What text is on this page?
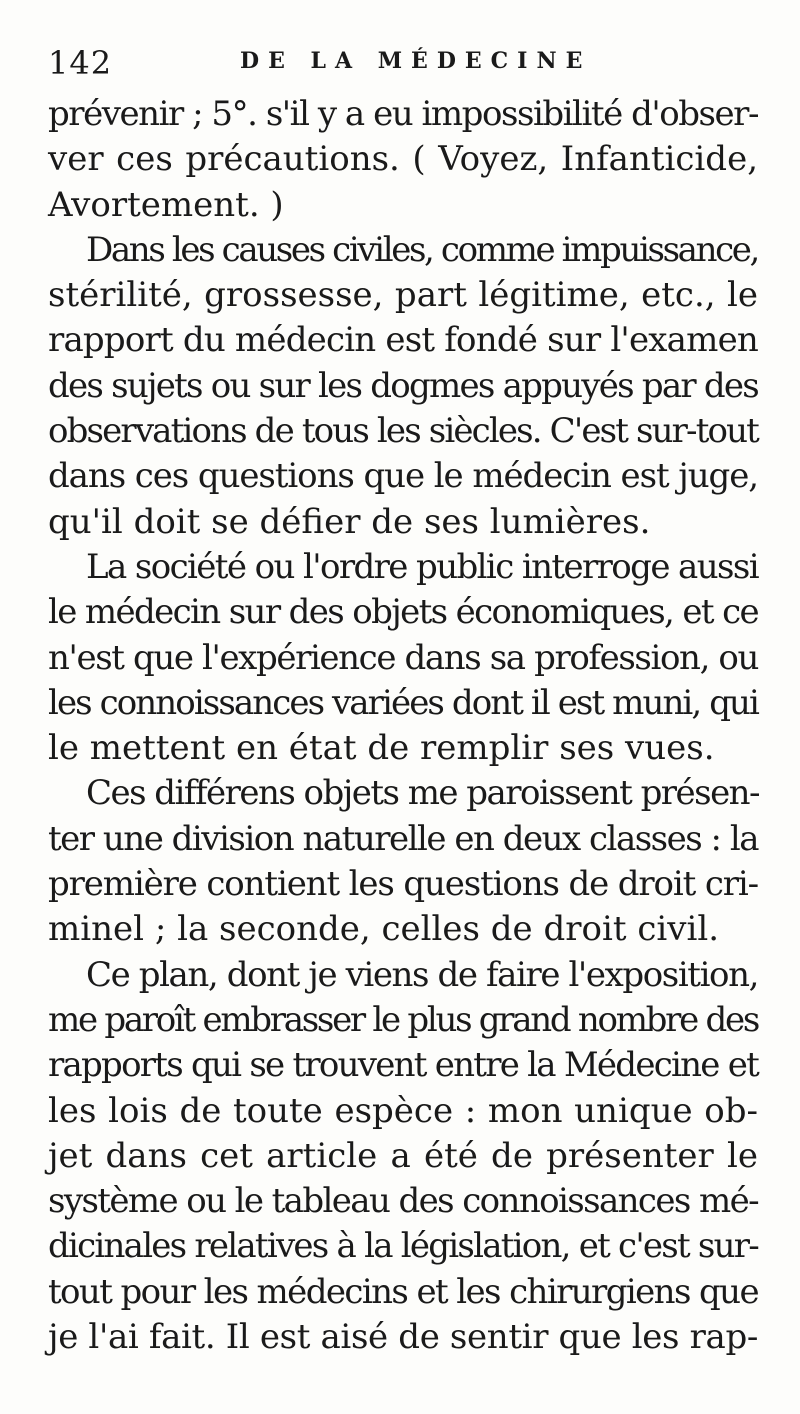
142	DE LA MÉDECINE
prévenir ; 5°. s'il y a eu impossibilité d'obser-
ver ces précautions. ( Voyez, Infanticide,
Avortement. )
Dans les causes civiles, comme impuissance,
stérilité, grossesse, part légitime, etc., le
rapport du médecin est fondé sur l'examen
des sujets ou sur les dogmes appuyés par des
observations de tous les siècles. C'est sur-tout
dans ces questions que le médecin est juge,
qu'il doit se défier de ses lumières.
La société ou l'ordre public interroge aussi
le médecin sur des objets économiques, et ce
n'est que l'expérience dans sa profession, ou
les connoissances variées dont il est muni, qui
le mettent en état de remplir ses vues.
Ces différens objets me paroissent présen-
ter une division naturelle en deux classes : la
première contient les questions de droit cri-
minel ; la seconde, celles de droit civil.
Ce plan, dont je viens de faire l'exposition,
me paroît embrasser le plus grand nombre des
rapports qui se trouvent entre la Médecine et
les lois de toute espèce : mon unique ob-
jet dans cet article a été de présenter le
système ou le tableau des connoissances mé-
dicinales relatives à la législation, et c'est sur-
tout pour les médecins et les chirurgiens que
je l'ai fait. Il est aisé de sentir que les rap-
